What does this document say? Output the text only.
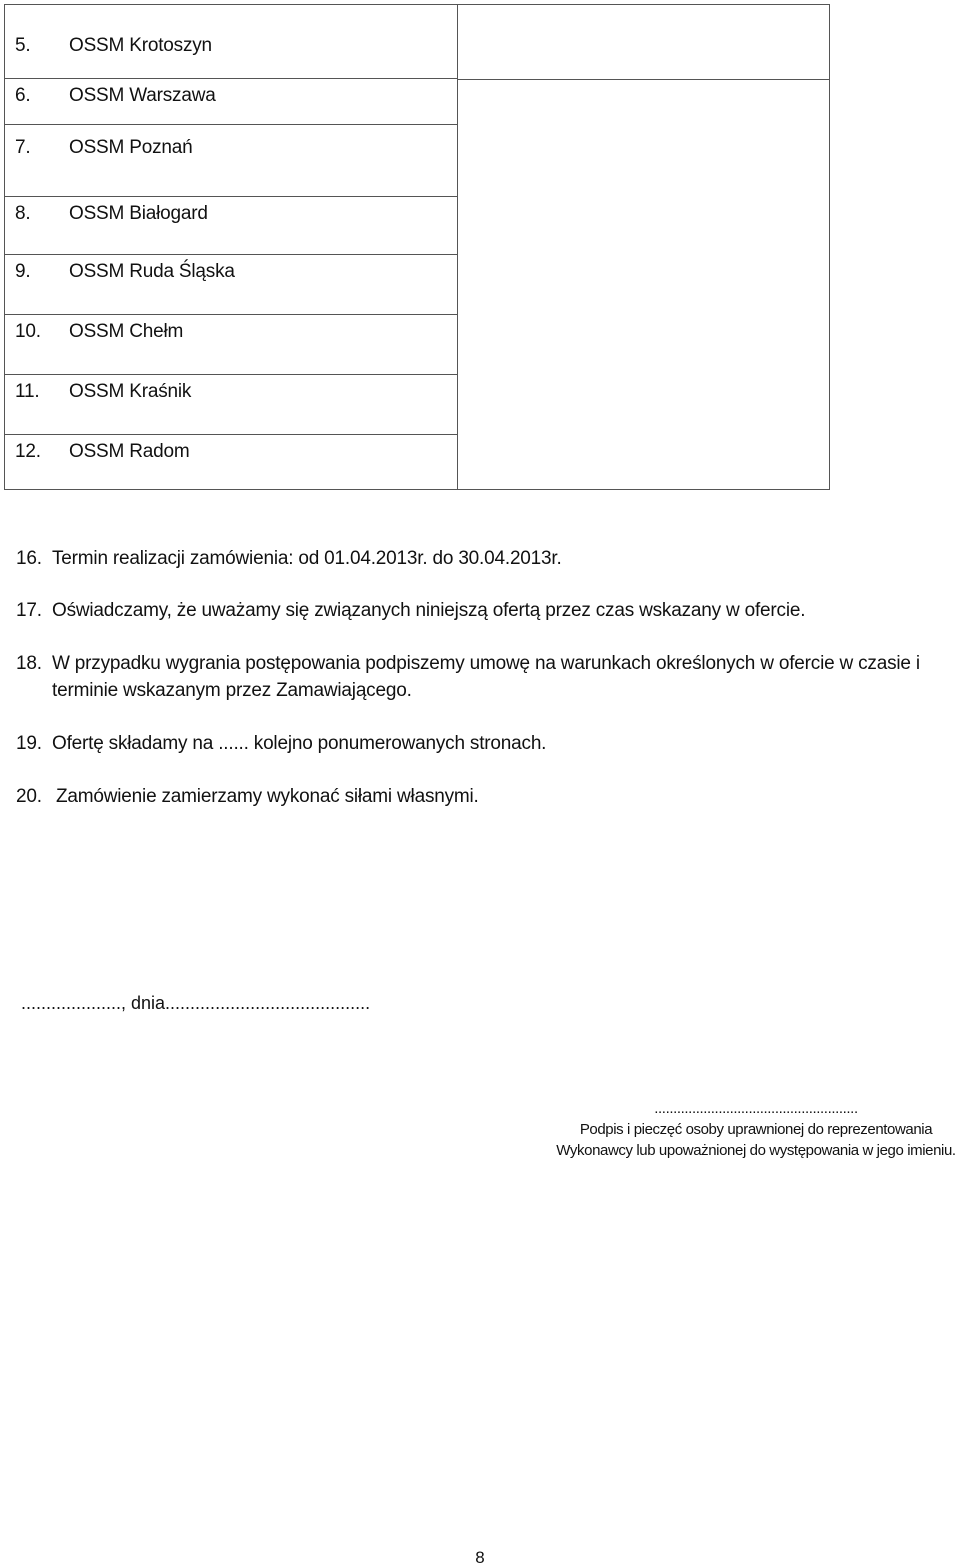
5. OSSM Krotoszyn
6. OSSM Warszawa
7. OSSM Poznań
8. OSSM Białogard
9. OSSM Ruda Śląska
10. OSSM Chełm
11. OSSM Kraśnik
12. OSSM Radom
16. Termin realizacji zamówienia: od 01.04.2013r. do 30.04.2013r.
17. Oświadczamy, że uważamy się związanych niniejszą ofertą przez czas wskazany w ofercie.
18. W przypadku wygrania postępowania podpiszemy umowę na warunkach określonych w ofercie w czasie i terminie wskazanym przez Zamawiającego.
19. Ofertę składamy na ...... kolejno ponumerowanych stronach.
20. Zamówienie zamierzamy wykonać siłami własnymi.
...................., dnia.........................................
......................................................
Podpis i pieczęć osoby uprawnionej do reprezentowania
Wykonawcy lub upoważnionej do występowania w jego imieniu.
8
